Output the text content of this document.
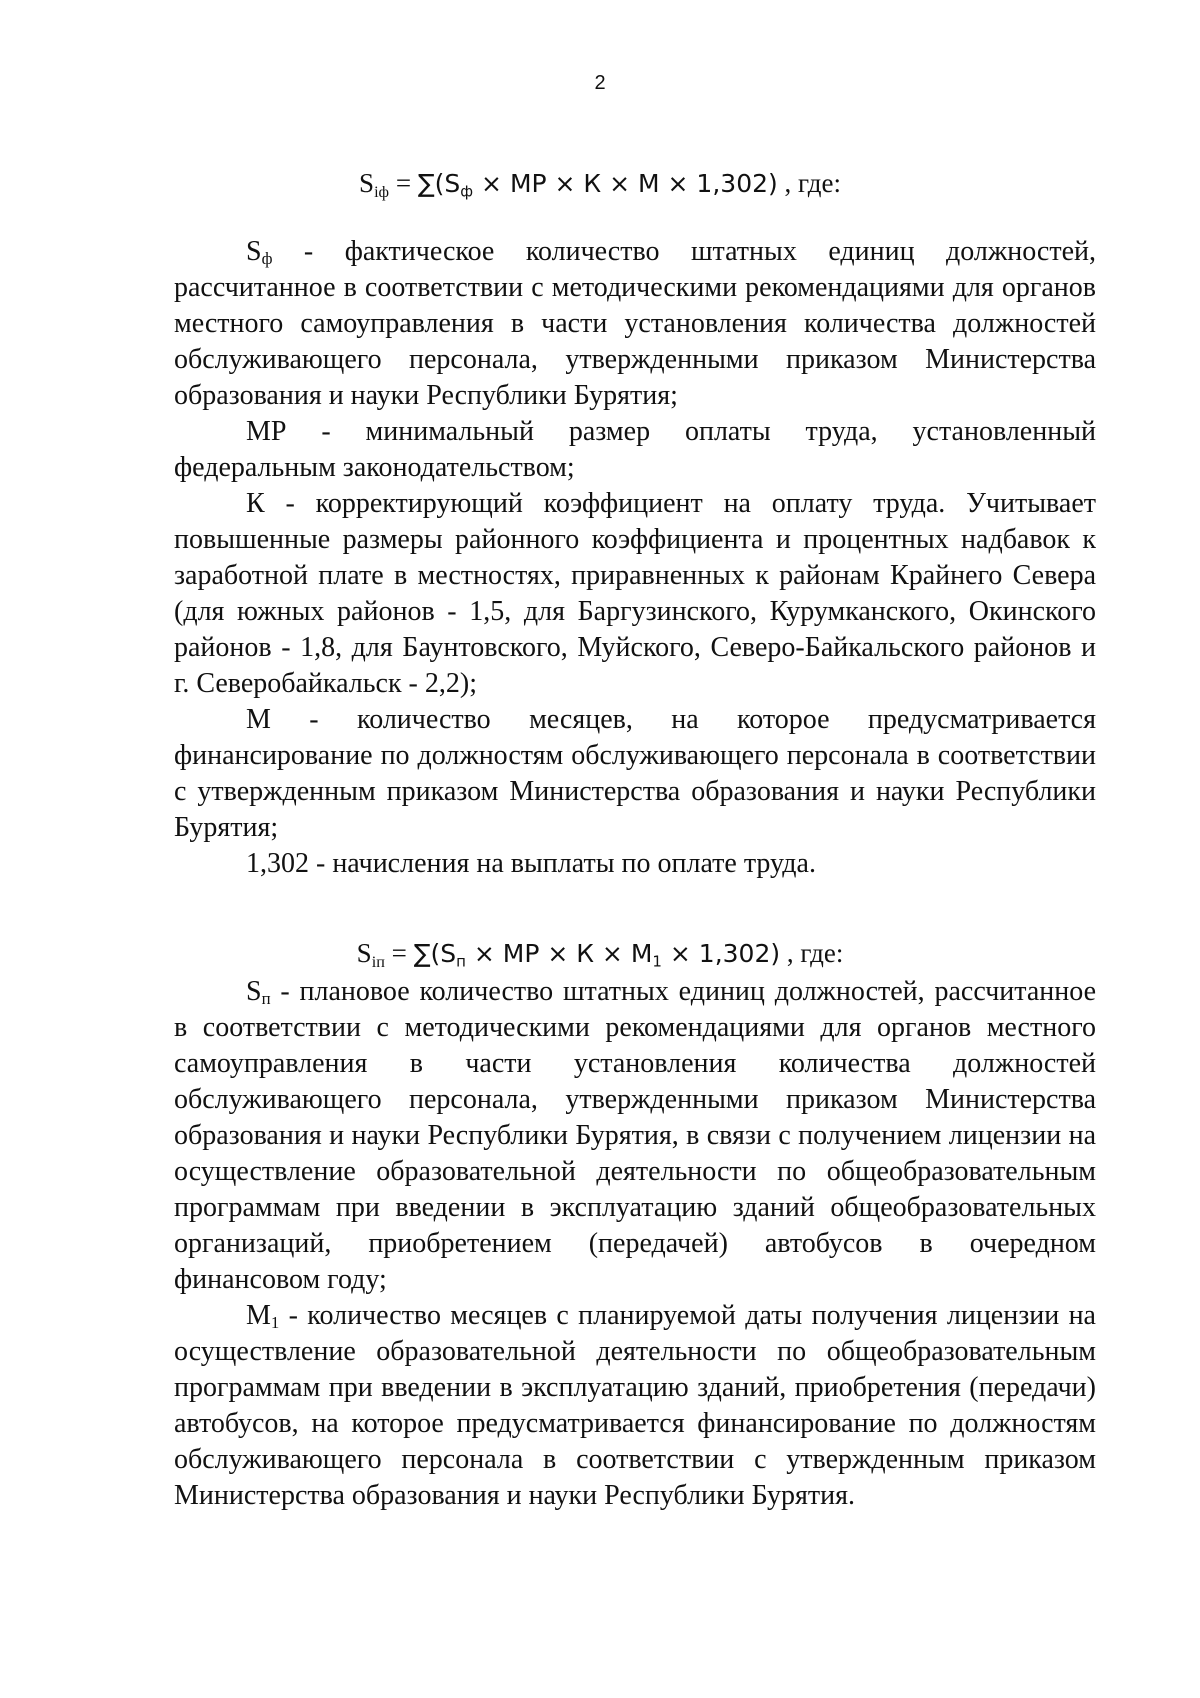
2
$S_{iф} = \sum(S_ф$ × МР × К × М × 1,302) , где:

$S_ф$ - фактическое количество штатных единиц должностей, рассчитанное в соответствии с методическими рекомендациями для органов местного самоуправления в части установления количества должностей обслуживающего персонала, утвержденными приказом Министерства образования и науки Республики Бурятия;

МР - минимальный размер оплаты труда, установленный федеральным законодательством;

К - корректирующий коэффициент на оплату труда. Учитывает повышенные размеры районного коэффициента и процентных надбавок к заработной плате в местностях, приравненных к районам Крайнего Севера (для южных районов - 1,5, для Баргузинского, Курумканского, Окинского районов - 1,8, для Баунтовского, Муйского, Северо-Байкальского районов и г. Северобайкальск - 2,2);

М - количество месяцев, на которое предусматривается финансирование по должностям обслуживающего персонала в соответствии с утвержденным приказом Министерства образования и науки Республики Бурятия;

1,302 - начисления на выплаты по оплате труда.

$S_{iп} = \sum(S_п$ × МР × $К \times М_1 \times 1,302$) , где:

$S_п$ - плановое количество штатных единиц должностей, рассчитанное в соответствии с методическими рекомендациями для органов местного самоуправления в части установления количества должностей обслуживающего персонала, утвержденными приказом Министерства образования и науки Республики Бурятия, в связи с получением лицензии на осуществление образовательной деятельности по общеобразовательным программам при введении в эксплуатацию зданий общеобразовательных организаций, приобретением (передачей) автобусов в очередном финансовом году;

$М_1$ - количество месяцев с планируемой даты получения лицензии на осуществление образовательной деятельности по общеобразовательным программам при введении в эксплуатацию зданий, приобретения (передачи) автобусов, на которое предусматривается финансирование по должностям обслуживающего персонала в соответствии с утвержденным приказом Министерства образования и науки Республики Бурятия.
